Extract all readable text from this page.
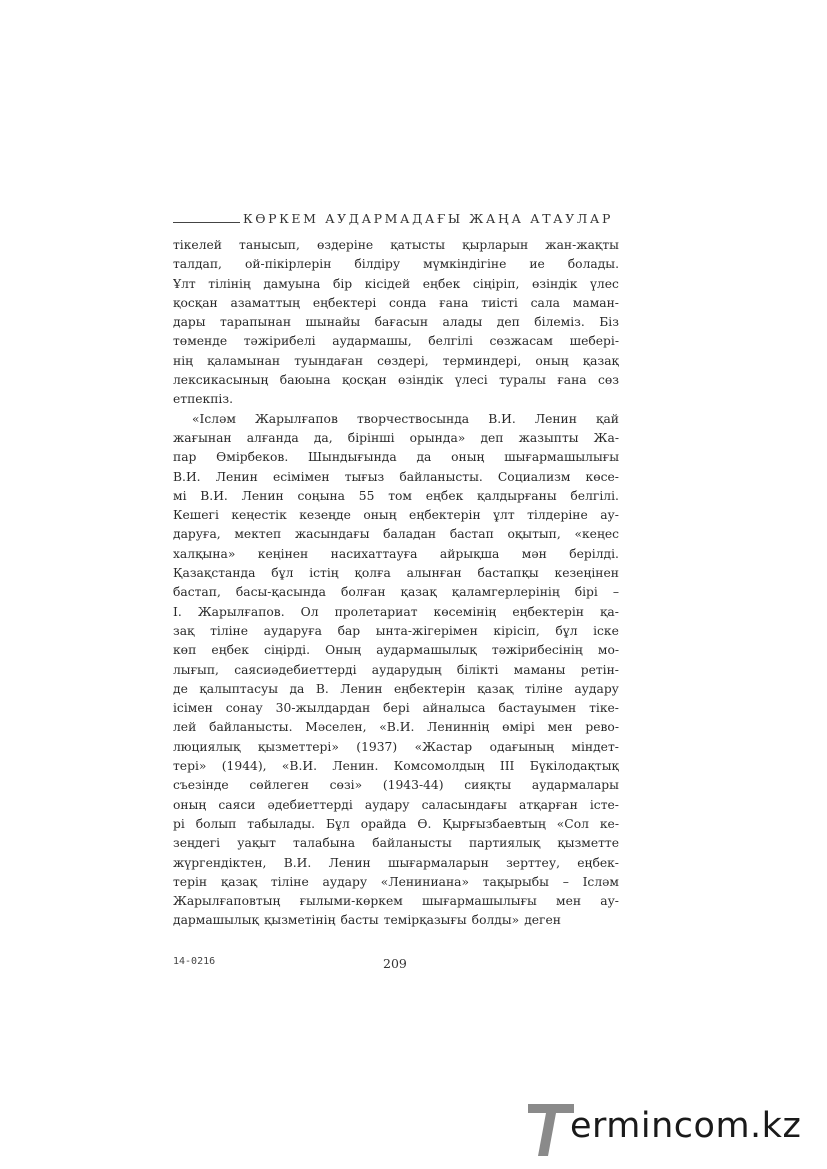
КӨРКЕМ АУДАРМАДАҒЫ ЖАҢА АТАУЛАР
тікелей танысып, өздеріне қатысты қырларын жан-жақты
талдап, ой-пікірлерін білдіру мүмкіндігіне ие болады.
Ұлт тілінің дамуына бір кісідей еңбек сіңіріп, өзіндік үлес
қосқан азаматтың еңбектері сонда ғана тиісті сала маман-
дары тарапынан шынайы бағасын алады деп білеміз. Біз
төменде тәжірибелі аудармашы, белгілі сөзжасам шебері-
нің қаламынан туындаған сөздері, терминдері, оның қазақ
лексикасының баюына қосқан өзіндік үлесі туралы ғана сөз
етпекпіз.
«Ісләм Жарылғапов творчествосында В.И. Ленин қай
жағынан алғанда да, бірінші орында» деп жазыпты Жа-
пар Өмірбеков. Шындығында да оның шығармашылығы
В.И. Ленин есімімен тығыз байланысты. Социализм көсе-
мі В.И. Ленин соңына 55 том еңбек қалдырғаны белгілі.
Кешегі кеңестік кезеңде оның еңбектерін ұлт тілдеріне ау-
даруға, мектеп жасындағы баладан бастап оқытып, «кеңес
халқына» кеңінен насихаттауға айрықша мән берілді.
Қазақстанда бұл істің қолға алынған бастапқы кезеңінен
бастап, басы-қасында болған қазақ қаламгерлерінің бірі –
І. Жарылғапов. Ол пролетариат көсемінің еңбектерін қа-
зақ тіліне аударуға бар ынта-жігерімен кірісіп, бұл іске
көп еңбек сіңірді. Оның аудармашылық тәжірибесінің мо-
лығып, саясиәдебиеттерді аударудың білікті маманы ретін-
де қалыптасуы да В. Ленин еңбектерін қазақ тіліне аудару
ісімен сонау 30-жылдардан бері айналыса бастауымен тіке-
лей байланысты. Мәселен, «В.И. Лениннің өмірі мен рево-
люциялық қызметтері» (1937) «Жастар одағының міндет-
тері» (1944), «В.И. Ленин. Комсомолдың III Бүкілодақтық
съезінде сөйлеген сөзі» (1943-44) сияқты аудармалары
оның саяси әдебиеттерді аудару саласындағы атқарған іcте-
рі болып табылады. Бұл орайда Ө. Қырғызбаевтың «Сол ке-
зеңдегі уақыт талабына байланысты партиялық қызметте
жүргендіктен, В.И. Ленин шығармаларын зерттеу, еңбек-
терін қазақ тіліне аудару «Лениниана» тақырыбы – Ісләм
Жарылғаповтың ғылыми-көркем шығармашылығы мен ау-
дармашылық қызметінің басты темірқазығы болды» деген
14-0216	209
ermincom.kz
